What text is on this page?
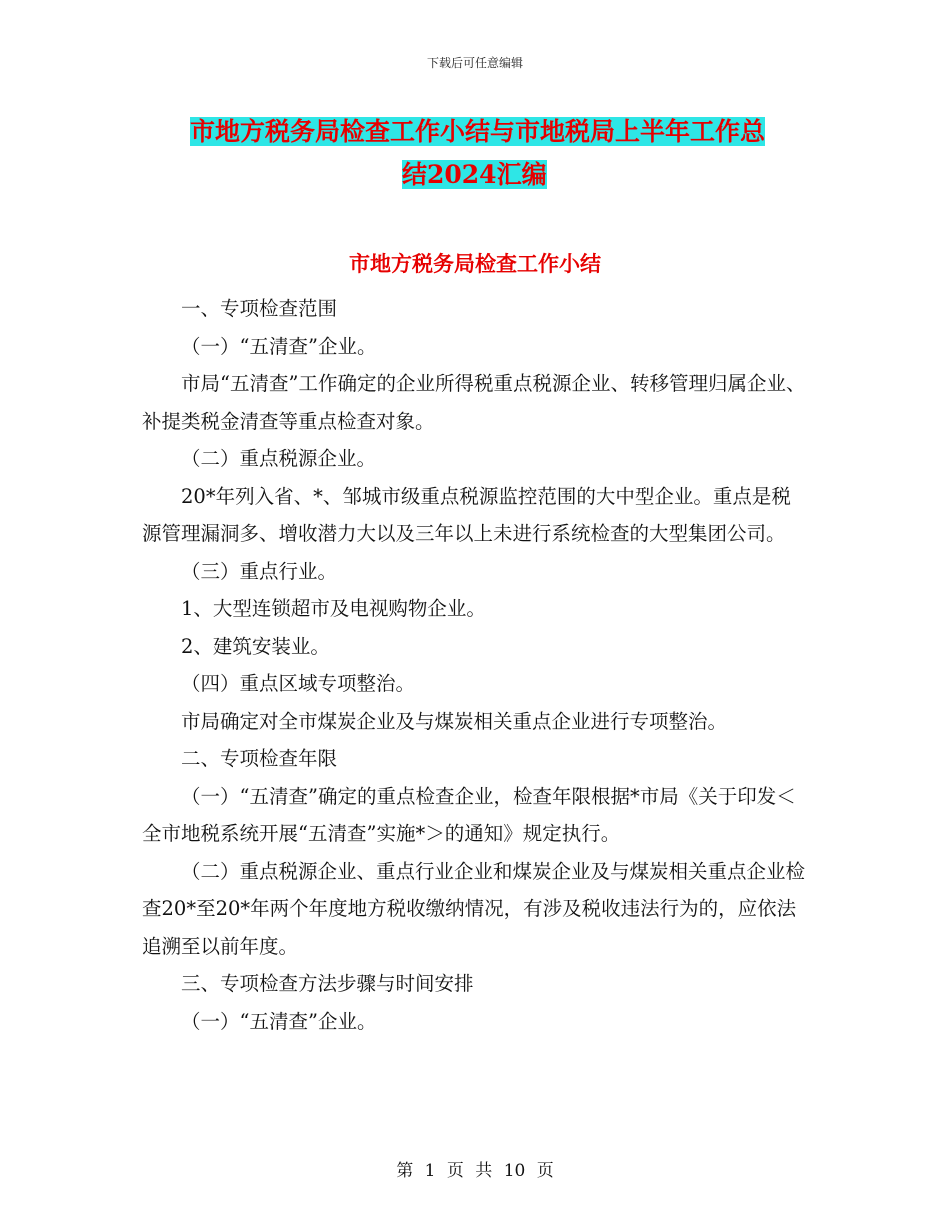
下载后可任意编辑
市地方税务局检查工作小结与市地税局上半年工作总
结2024汇编
市地方税务局检查工作小结

一、专项检查范围

（一）“五清查”企业。

市局“五清查”工作确定的企业所得税重点税源企业、转移管理归属企业、补提类税金清查等重点检查对象。

（二）重点税源企业。

20*年列入省、*、邹城市级重点税源监控范围的大中型企业。重点是税源管理漏洞多、增收潜力大以及三年以上未进行系统检查的大型集团公司。

（三）重点行业。

1、大型连锁超市及电视购物企业。

2、建筑安装业。

（四）重点区域专项整治。

市局确定对全市煤炭企业及与煤炭相关重点企业进行专项整治。

二、专项检查年限

（一）“五清查”确定的重点检查企业，检查年限根据*市局《关于印发＜全市地税系统开展“五清查”实施*＞的通知》规定执行。

（二）重点税源企业、重点行业企业和煤炭企业及与煤炭相关重点企业检查20*至20*年两个年度地方税收缴纳情况，有涉及税收违法行为的，应依法追溯至以前年度。

三、专项检查方法步骤与时间安排

（一）“五清查”企业。

第 1 页 共 10 页
